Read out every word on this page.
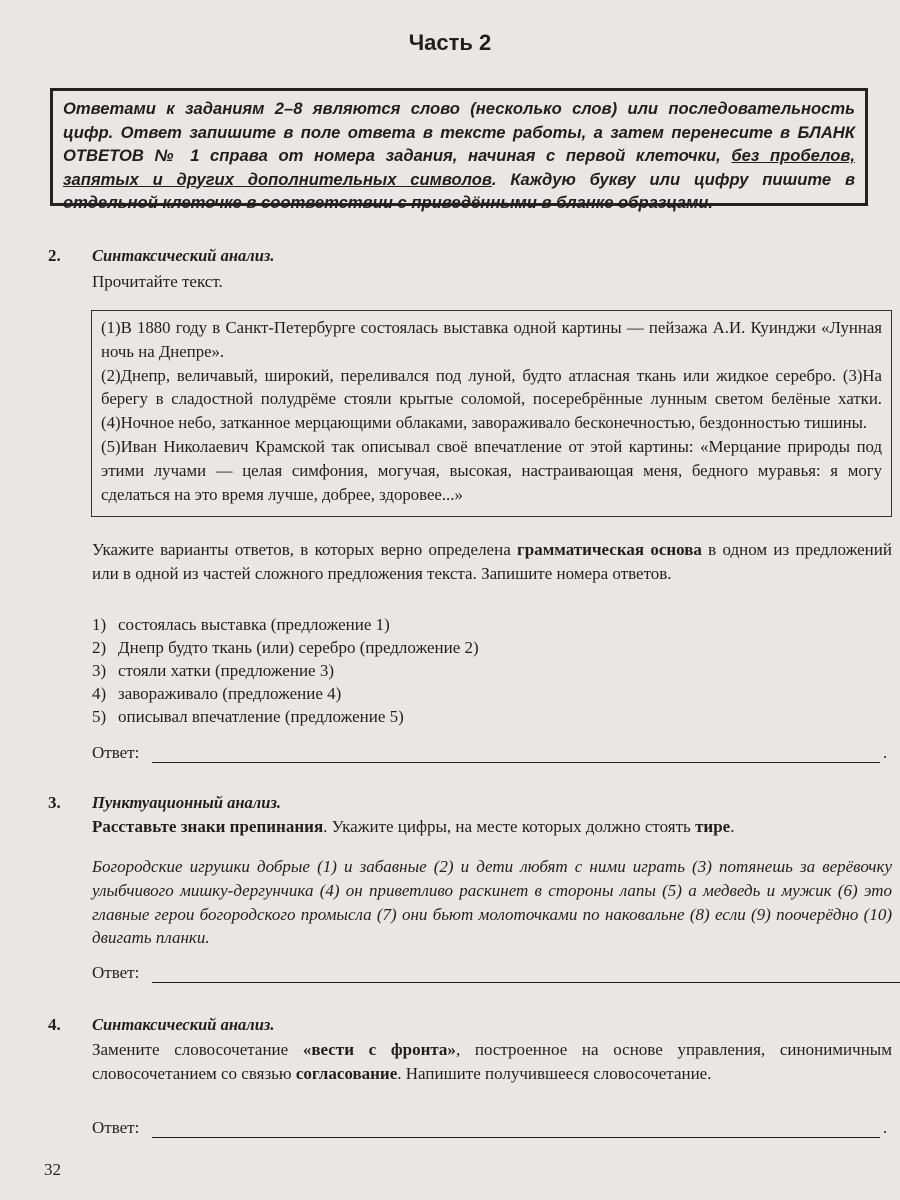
Часть 2
Ответами к заданиям 2–8 являются слово (несколько слов) или последовательность цифр. Ответ запишите в поле ответа в тексте работы, а затем перенесите в БЛАНК ОТВЕТОВ № 1 справа от номера задания, начиная с первой клеточки, без пробелов, запятых и других дополнительных символов. Каждую букву или цифру пишите в отдельной клеточке в соответствии с приведёнными в бланке образцами.
2. Синтаксический анализ.
Прочитайте текст.
(1)В 1880 году в Санкт-Петербурге состоялась выставка одной картины — пейзажа А.И. Куинджи «Лунная ночь на Днепре».
(2)Днепр, величавый, широкий, переливался под луной, будто атласная ткань или жидкое серебро. (3)На берегу в сладостной полудрёме стояли крытые соломой, посеребрённые лунным светом белёные хатки. (4)Ночное небо, затканное мерцающими облаками, завораживало бесконечностью, бездонностью тишины.
(5)Иван Николаевич Крамской так описывал своё впечатление от этой картины: «Мерцание природы под этими лучами — целая симфония, могучая, высокая, настраивающая меня, бедного муравья: я могу сделаться на это время лучше, добрее, здоровее...»
Укажите варианты ответов, в которых верно определена грамматическая основа в одном из предложений или в одной из частей сложного предложения текста. Запишите номера ответов.
1) состоялась выставка (предложение 1)
2) Днепр будто ткань (или) серебро (предложение 2)
3) стояли хатки (предложение 3)
4) завораживало (предложение 4)
5) описывал впечатление (предложение 5)
Ответ:	.
3. Пунктуационный анализ.
Расставьте знаки препинания. Укажите цифры, на месте которых должно стоять тире.
Богородские игрушки добрые (1) и забавные (2) и дети любят с ними играть (3) потянешь за верёвочку улыбчивого мишку-дергунчика (4) он приветливо раскинет в стороны лапы (5) а медведь и мужик (6) это главные герои богородского промысла (7) они бьют молоточками по наковальне (8) если (9) поочерёдно (10) двигать планки.
Ответ:
4. Синтаксический анализ.
Замените словосочетание «вести с фронта», построенное на основе управления, синонимичным словосочетанием со связью согласование. Напишите получившееся словосочетание.
Ответ:	.
32
